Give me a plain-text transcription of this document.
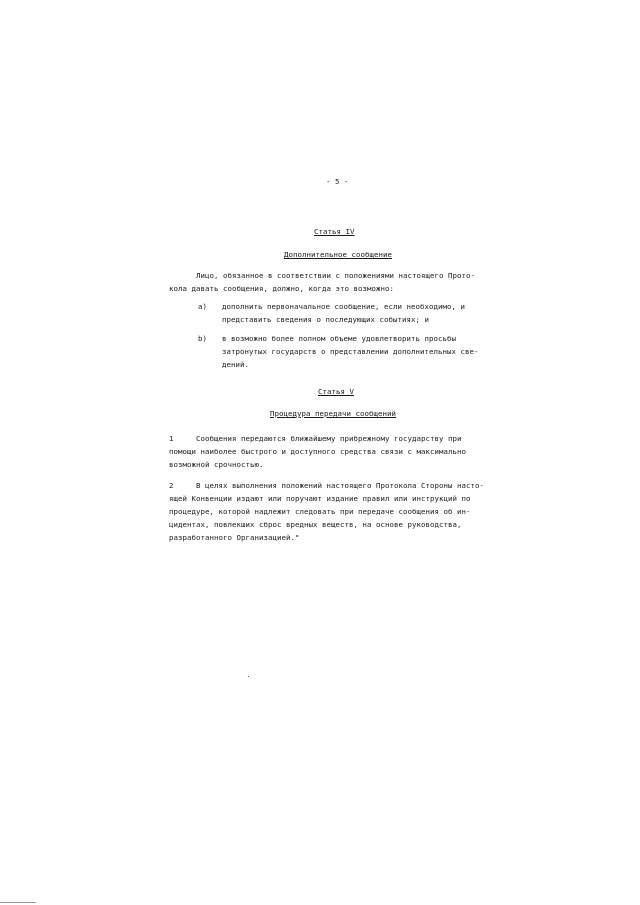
- 5 -
Статья IV
Дополнительное сообщение
Лицо, обязанное в соответствии с положениями настоящего Прото-
кола давать сообщения, должно, когда это возможно:
а) дополнить первоначальное сообщение, если необходимо, и
представить сведения о последующих событиях; и
b) в возможно более полном объеме удовлетворить просьбы
затронутых государств о представлении дополнительных све-
дений.
Статья V
Процедура передачи сообщений
1	Сообщения передаются ближайшему прибрежному государству при
помощи наиболее быстрого и доступного средства связи с максимально
возможной срочностью.
2	В целях выполнения положений настоящего Протокола Стороны насто-
ящей Конвенции издают или поручают издание правил или инструкций по
процедуре, которой надлежит следовать при передаче сообщения об ин-
цидентах, повлекших сброс вредных веществ, на основе руководства,
разработанного Организацией."
